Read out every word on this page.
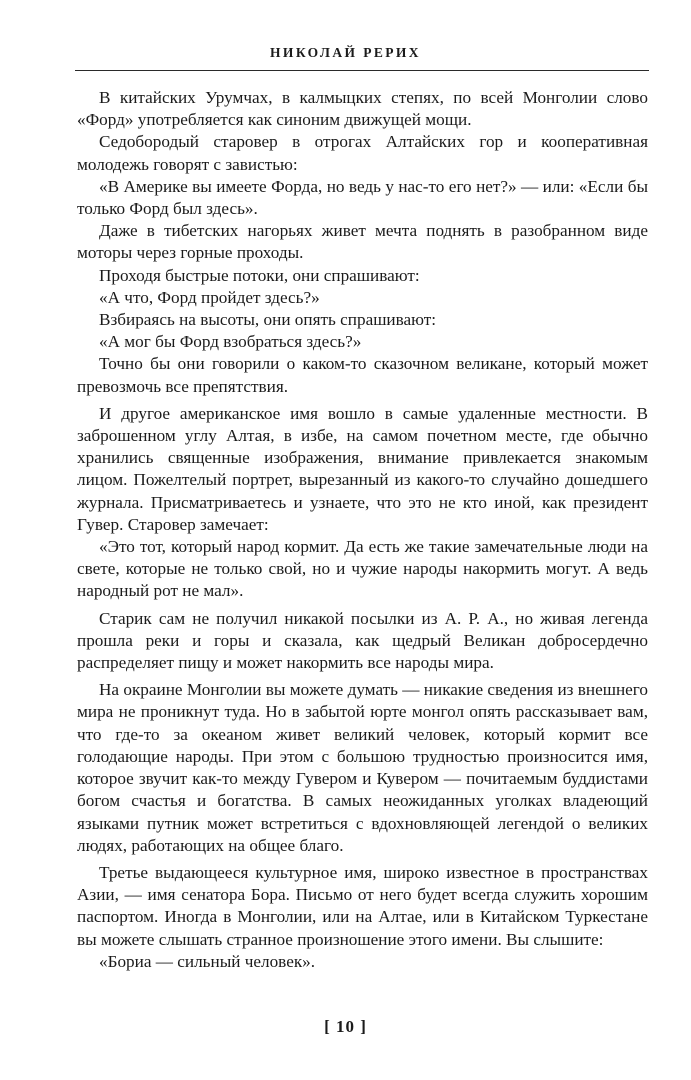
НИКОЛАЙ РЕРИХ

В китайских Урумчах, в калмыцких степях, по всей Монголии слово «Форд» употребляется как синоним движущей мощи.

Седобородый старовер в отрогах Алтайских гор и кооперативная молодежь говорят с завистью:

«В Америке вы имеете Форда, но ведь у нас-то его нет?» — или: «Если бы только Форд был здесь».

Даже в тибетских нагорьях живет мечта поднять в разобранном виде моторы через горные проходы.

Проходя быстрые потоки, они спрашивают:

«А что, Форд пройдет здесь?»

Взбираясь на высоты, они опять спрашивают:

«А мог бы Форд взобраться здесь?»

Точно бы они говорили о каком-то сказочном великане, который может превозмочь все препятствия.

И другое американское имя вошло в самые удаленные местности. В заброшенном углу Алтая, в избе, на самом почетном месте, где обычно хранились священные изображения, внимание привлекается знакомым лицом. Пожелтелый портрет, вырезанный из какого-то случайно дошедшего журнала. Присматриваетесь и узнаете, что это не кто иной, как президент Гувер. Старовер замечает:

«Это тот, который народ кормит. Да есть же такие замечательные люди на свете, которые не только свой, но и чужие народы накормить могут. А ведь народный рот не мал».

Старик сам не получил никакой посылки из А. Р. А., но живая легенда прошла реки и горы и сказала, как щедрый Великан добросердечно распределяет пищу и может накормить все народы мира.

На окраине Монголии вы можете думать — никакие сведения из внешнего мира не проникнут туда. Но в забытой юрте монгол опять рассказывает вам, что где-то за океаном живет великий человек, который кормит все голодающие народы. При этом с большою трудностью произносится имя, которое звучит как-то между Гувером и Кувером — почитаемым буддистами богом счастья и богатства. В самых неожиданных уголках владеющий языками путник может встретиться с вдохновляющей легендой о великих людях, работающих на общее благо.

Третье выдающееся культурное имя, широко известное в пространствах Азии, — имя сенатора Бора. Письмо от него будет всегда служить хорошим паспортом. Иногда в Монголии, или на Алтае, или в Китайском Туркестане вы можете слышать странное произношение этого имени. Вы слышите:

«Бориа — сильный человек».

[ 10 ]
